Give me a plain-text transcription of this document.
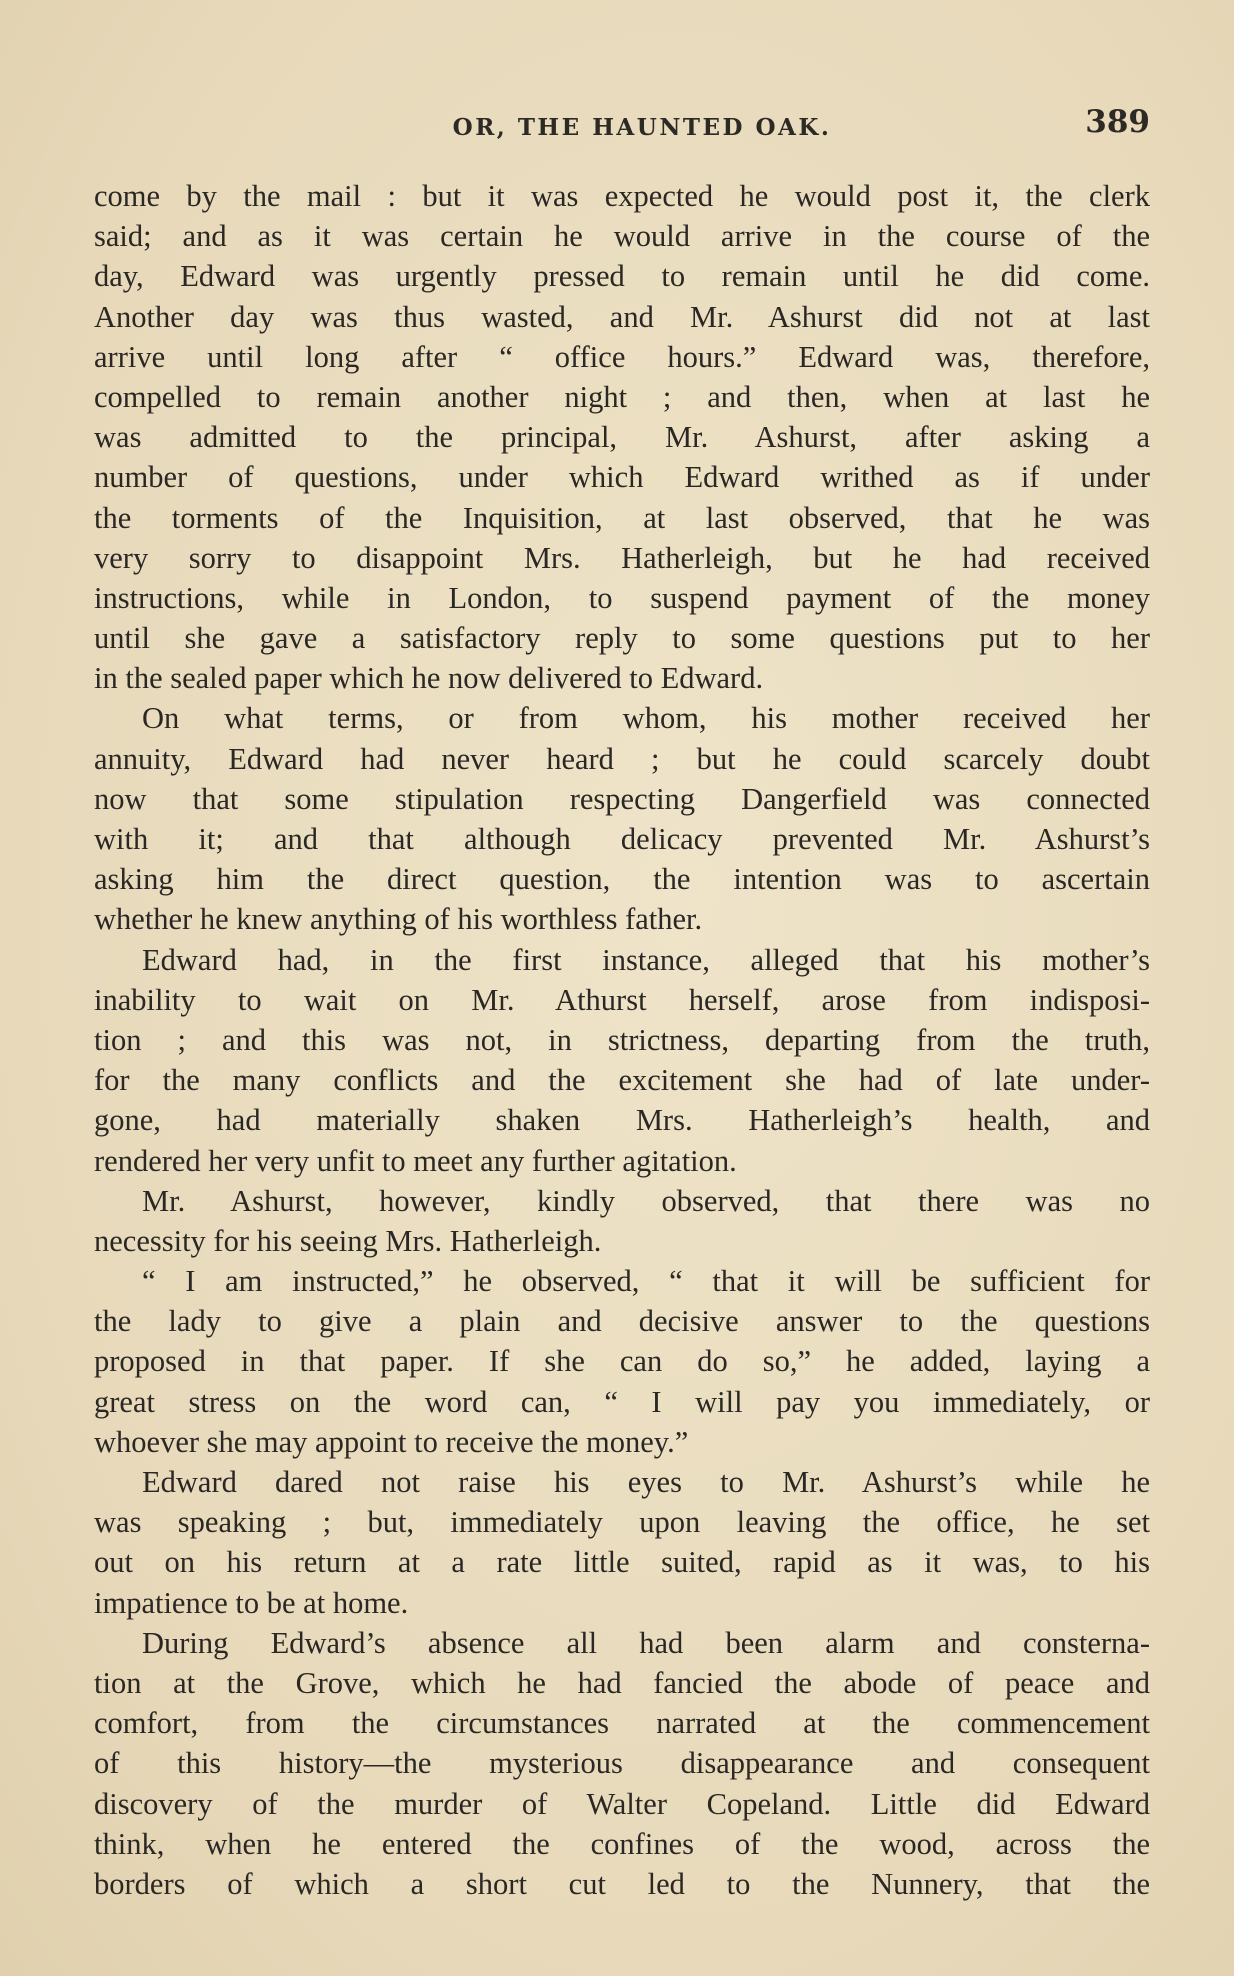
OR, THE HAUNTED OAK.	389
come by the mail : but it was expected he would post it, the clerk
said; and as it was certain he would arrive in the course of the
day, Edward was urgently pressed to remain until he did come.
Another day was thus wasted, and Mr. Ashurst did not at last
arrive until long after “ office hours.” Edward was, therefore,
compelled to remain another night ; and then, when at last he
was admitted to the principal, Mr. Ashurst, after asking a
number of questions, under which Edward writhed as if under
the torments of the Inquisition, at last observed, that he was
very sorry to disappoint Mrs. Hatherleigh, but he had received
instructions, while in London, to suspend payment of the money
until she gave a satisfactory reply to some questions put to her
in the sealed paper which he now delivered to Edward.
On what terms, or from whom, his mother received her
annuity, Edward had never heard ; but he could scarcely doubt
now that some stipulation respecting Dangerfield was connected
with it; and that although delicacy prevented Mr. Ashurst’s
asking him the direct question, the intention was to ascertain
whether he knew anything of his worthless father.
Edward had, in the first instance, alleged that his mother’s
inability to wait on Mr. Athurst herself, arose from indisposi-
tion ; and this was not, in strictness, departing from the truth,
for the many conflicts and the excitement she had of late under-
gone, had materially shaken Mrs. Hatherleigh’s health, and
rendered her very unfit to meet any further agitation.
Mr. Ashurst, however, kindly observed, that there was no
necessity for his seeing Mrs. Hatherleigh.
“ I am instructed,” he observed, “ that it will be sufficient for
the lady to give a plain and decisive answer to the questions
proposed in that paper. If she can do so,” he added, laying a
great stress on the word can, “ I will pay you immediately, or
whoever she may appoint to receive the money.”
Edward dared not raise his eyes to Mr. Ashurst’s while he
was speaking ; but, immediately upon leaving the office, he set
out on his return at a rate little suited, rapid as it was, to his
impatience to be at home.
During Edward’s absence all had been alarm and consterna-
tion at the Grove, which he had fancied the abode of peace and
comfort, from the circumstances narrated at the commencement
of this history—the mysterious disappearance and consequent
discovery of the murder of Walter Copeland. Little did Edward
think, when he entered the confines of the wood, across the
borders of which a short cut led to the Nunnery, that the
